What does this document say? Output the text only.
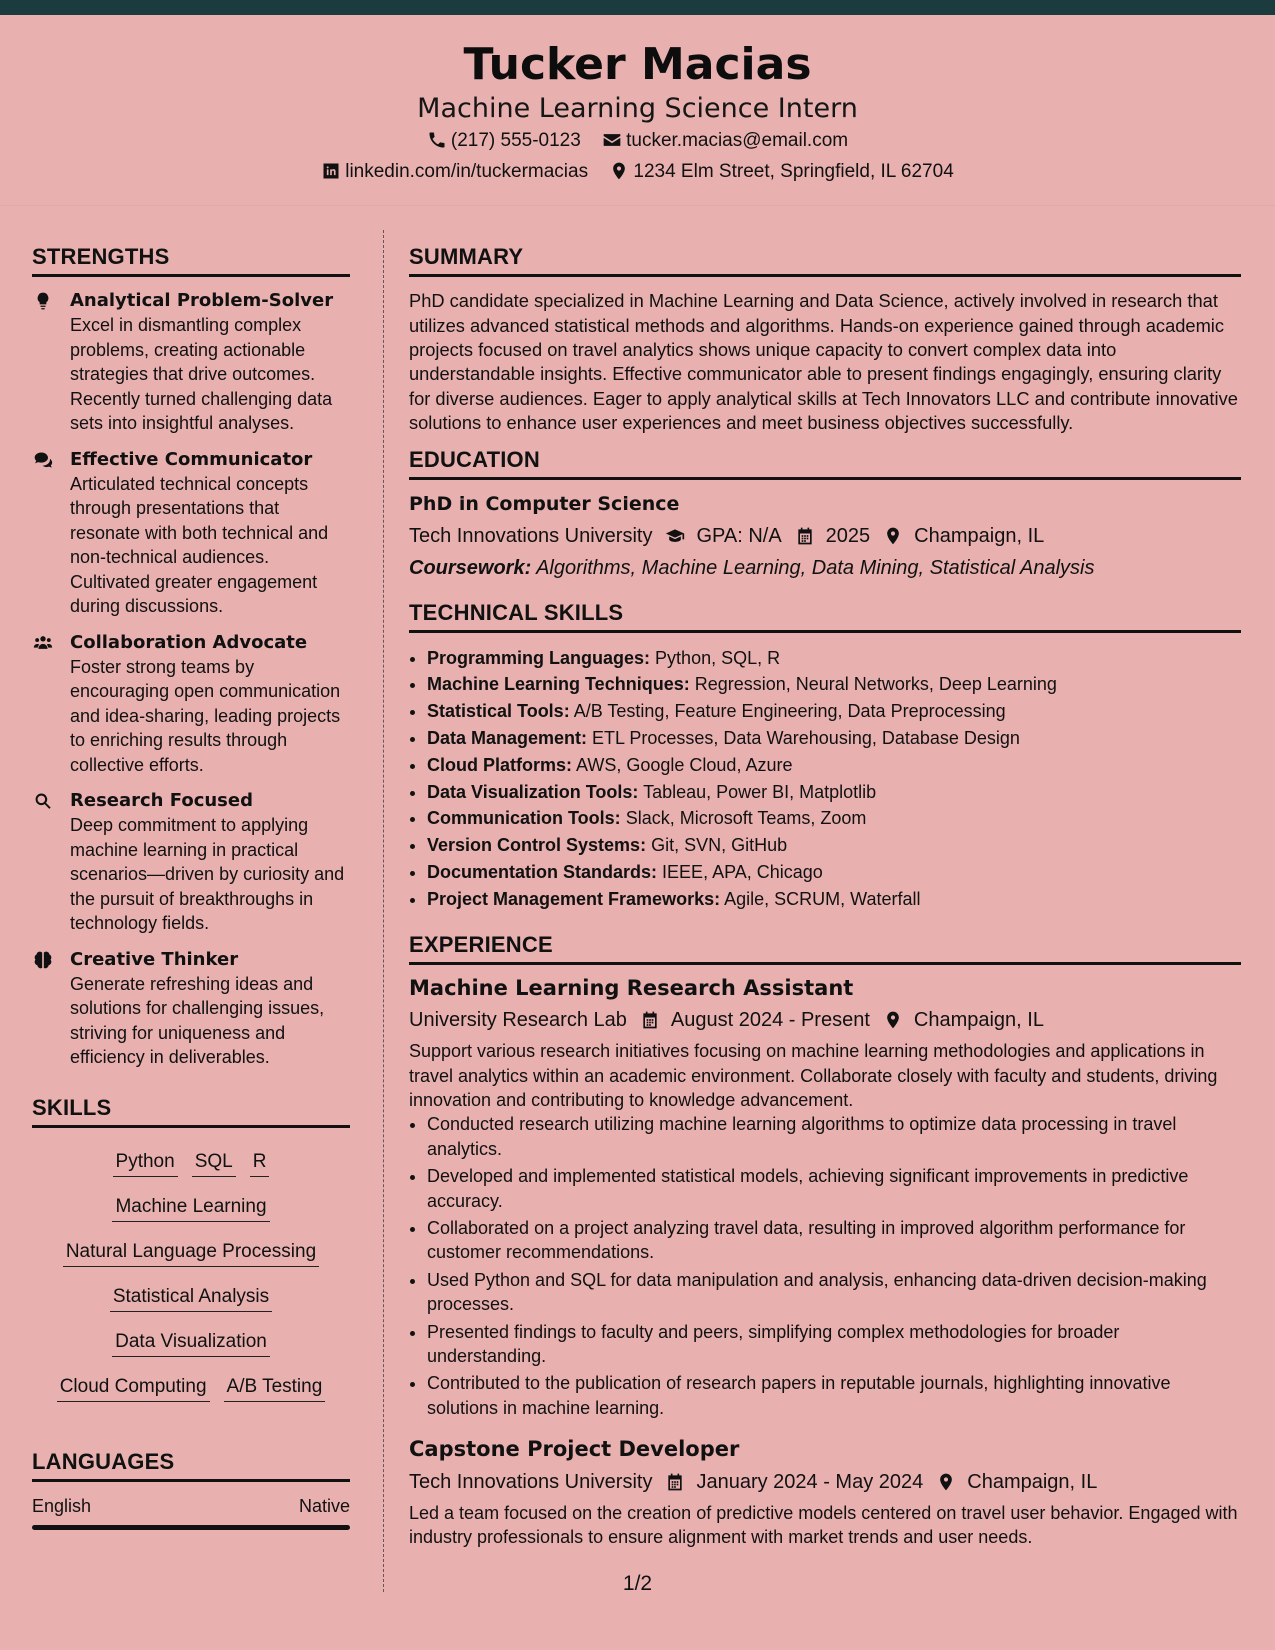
Tucker Macias
Machine Learning Science Intern
(217) 555-0123
tucker.macias@email.com
linkedin.com/in/tuckermacias
1234 Elm Street, Springfield, IL 62704
STRENGTHS
Analytical Problem-Solver
Excel in dismantling complex problems, creating actionable strategies that drive outcomes. Recently turned challenging data sets into insightful analyses.
Effective Communicator
Articulated technical concepts through presentations that resonate with both technical and non-technical audiences. Cultivated greater engagement during discussions.
Collaboration Advocate
Foster strong teams by encouraging open communication and idea-sharing, leading projects to enriching results through collective efforts.
Research Focused
Deep commitment to applying machine learning in practical scenarios—driven by curiosity and the pursuit of breakthroughs in technology fields.
Creative Thinker
Generate refreshing ideas and solutions for challenging issues, striving for uniqueness and efficiency in deliverables.
SKILLS
Python SQL RMachine Learning
Natural Language Processing
Statistical Analysis
Data Visualization
Cloud Computing A/B Testing
LANGUAGES
English	Native
SUMMARY
PhD candidate specialized in Machine Learning and Data Science, actively involved in research that utilizes advanced statistical methods and algorithms. Hands-on experience gained through academic projects focused on travel analytics shows unique capacity to convert complex data into understandable insights. Effective communicator able to present findings engagingly, ensuring clarity for diverse audiences. Eager to apply analytical skills at Tech Innovators LLC and contribute innovative solutions to enhance user experiences and meet business objectives successfully.
EDUCATION
PhD in Computer Science
Tech Innovations University GPA: N/A 2025 Champaign, IL
Coursework: Algorithms, Machine Learning, Data Mining, Statistical Analysis
TECHNICAL SKILLS
• Programming Languages: Python, SQL, R
• Machine Learning Techniques: Regression, Neural Networks, Deep Learning
• Statistical Tools: A/B Testing, Feature Engineering, Data Preprocessing
• Data Management: ETL Processes, Data Warehousing, Database Design
• Cloud Platforms: AWS, Google Cloud, Azure
• Data Visualization Tools: Tableau, Power BI, Matplotlib
• Communication Tools: Slack, Microsoft Teams, Zoom
• Version Control Systems: Git, SVN, GitHub
• Documentation Standards: IEEE, APA, Chicago
• Project Management Frameworks: Agile, SCRUM, Waterfall
EXPERIENCE
Machine Learning Research Assistant
University Research Lab August 2024 - Present Champaign, IL
Support various research initiatives focusing on machine learning methodologies and applications in travel analytics within an academic environment. Collaborate closely with faculty and students, driving innovation and contributing to knowledge advancement.
• Conducted research utilizing machine learning algorithms to optimize data processing in travel analytics.
• Developed and implemented statistical models, achieving significant improvements in predictive accuracy.
• Collaborated on a project analyzing travel data, resulting in improved algorithm performance for customer recommendations.
• Used Python and SQL for data manipulation and analysis, enhancing data-driven decision-making processes.
• Presented findings to faculty and peers, simplifying complex methodologies for broader understanding.
• Contributed to the publication of research papers in reputable journals, highlighting innovative solutions in machine learning.
Capstone Project Developer
Tech Innovations University January 2024 - May 2024 Champaign, IL
Led a team focused on the creation of predictive models centered on travel user behavior. Engaged with industry professionals to ensure alignment with market trends and user needs.
1/2
